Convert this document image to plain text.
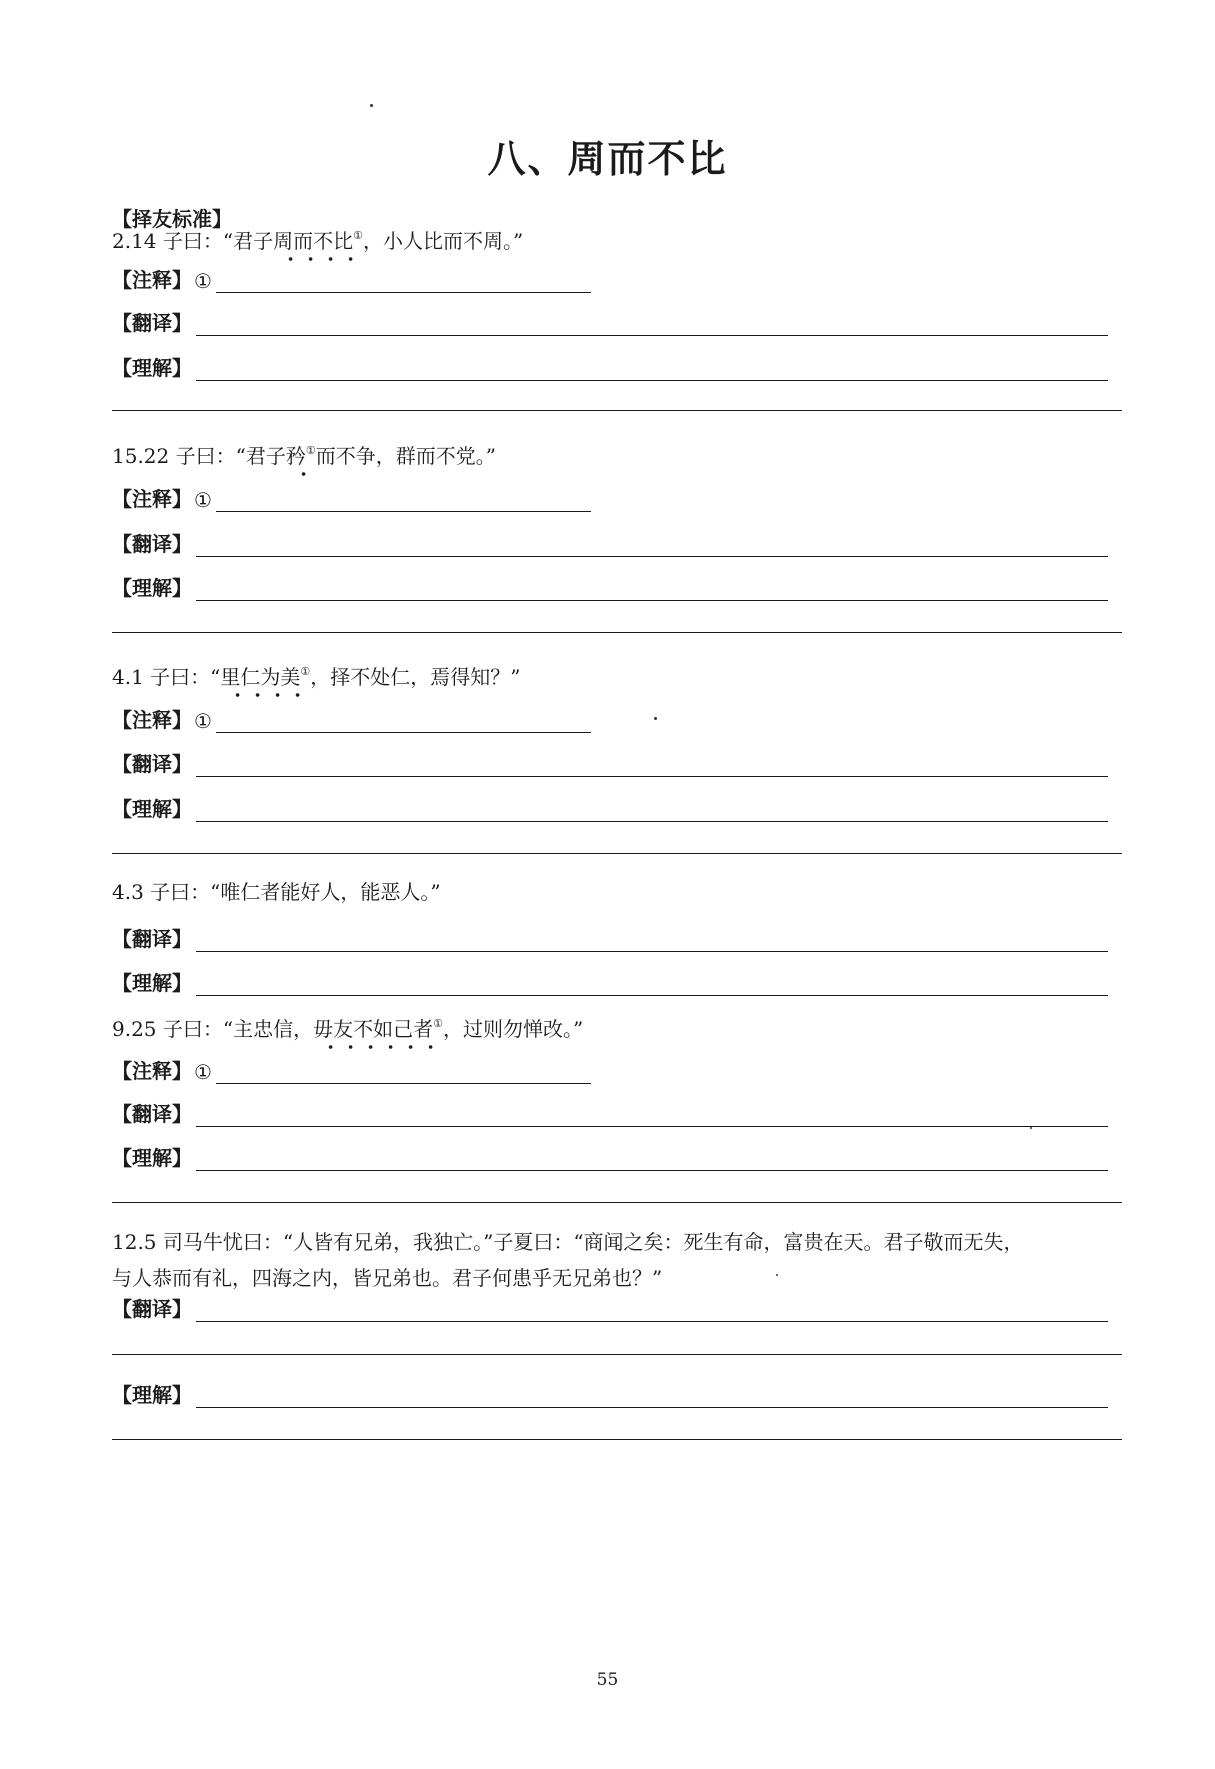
八、周而不比
【择友标准】
2.14 子曰：“君子周而不比①，小人比而不周。”
【注释】 ①
【翻译】
【理解】
15.22 子曰：“君子矜①而不争，群而不党。”
【注释】 ①
【翻译】
【理解】
4.1 子曰：“里仁为美①，择不处仁，焉得知？”
【注释】 ①
【翻译】
【理解】
4.3 子曰：“唯仁者能好人，能恶人。”
【翻译】
【理解】
9.25 子曰：“主忠信，毋友不如己者①，过则勿惮改。”
【注释】 ①
【翻译】
【理解】
12.5 司马牛忧曰：“人皆有兄弟，我独亡。”子夏曰：“商闻之矣：死生有命，富贵在天。君子敬而无失，
与人恭而有礼，四海之内，皆兄弟也。君子何患乎无兄弟也？”
【翻译】
【理解】
55
